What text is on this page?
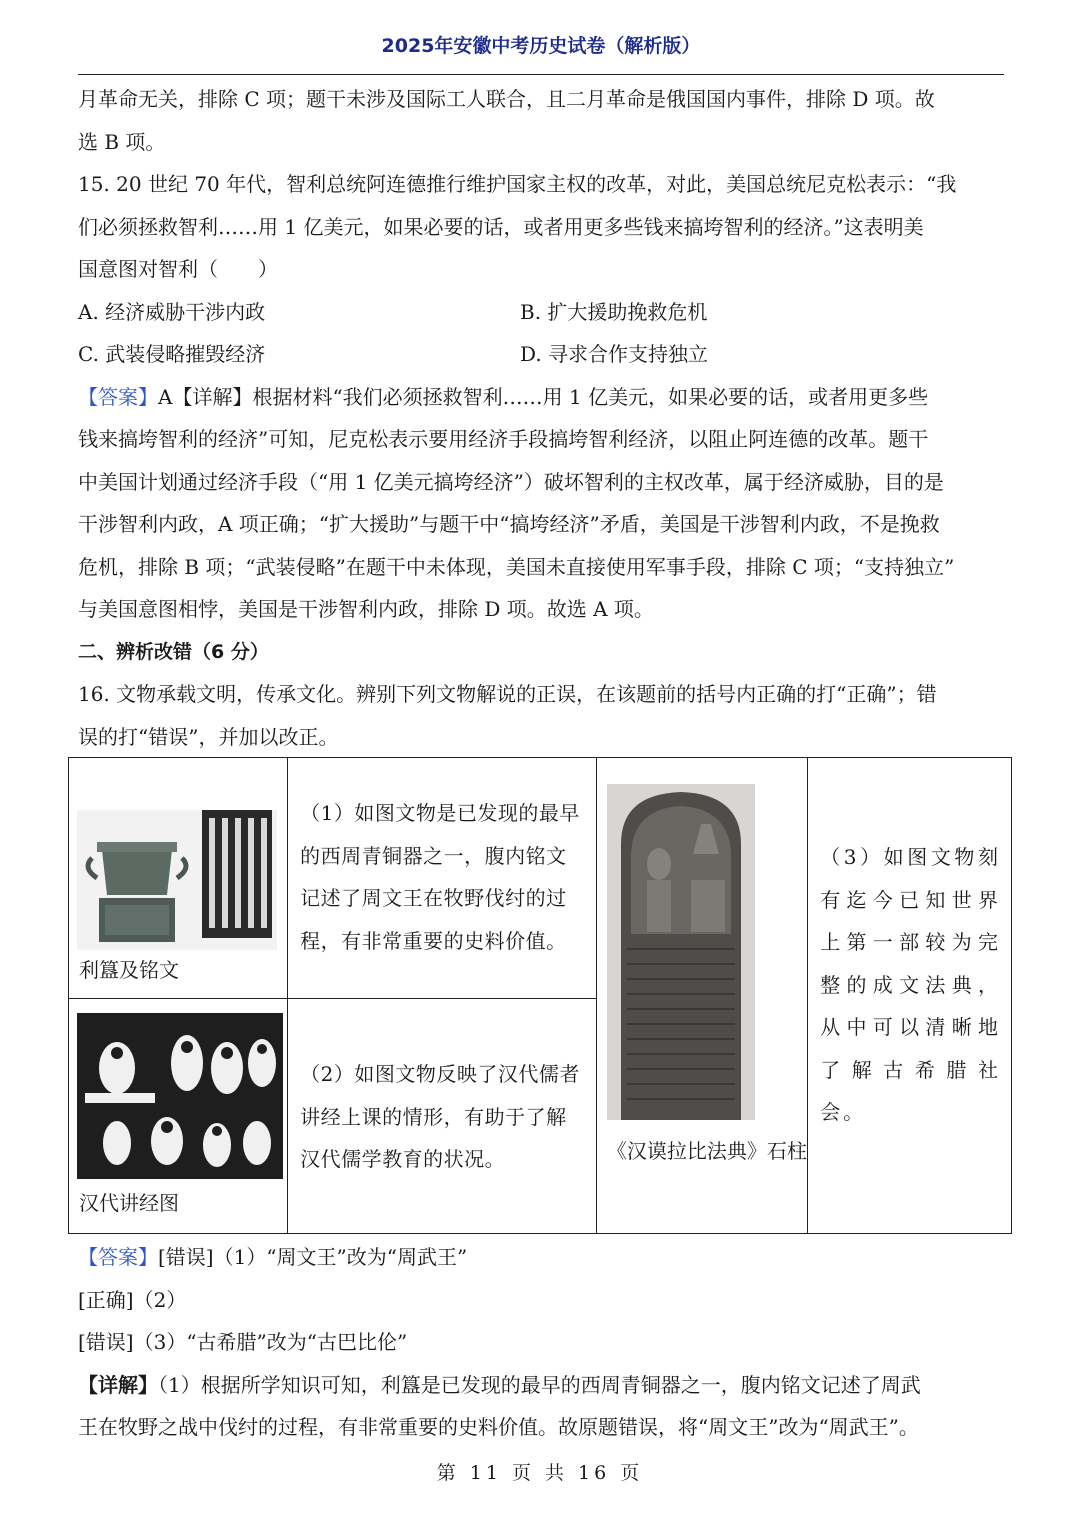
2025年安徽中考历史试卷（解析版）

月革命无关，排除 C 项；题干未涉及国际工人联合，且二月革命是俄国国内事件，排除 D 项。故

选 B 项。

15. 20 世纪 70 年代，智利总统阿连德推行维护国家主权的改革，对此，美国总统尼克松表示：“我

们必须拯救智利……用 1 亿美元，如果必要的话，或者用更多些钱来搞垮智利的经济。”这表明美

国意图对智利（　　）

A. 经济威胁干涉内政	B. 扩大援助挽救危机
C. 武装侵略摧毁经济	D. 寻求合作支持独立

【答案】A【详解】根据材料“我们必须拯救智利……用 1 亿美元，如果必要的话，或者用更多些

钱来搞垮智利的经济”可知，尼克松表示要用经济手段搞垮智利经济，以阻止阿连德的改革。题干

中美国计划通过经济手段（“用 1 亿美元搞垮经济”）破坏智利的主权改革，属于经济威胁，目的是

干涉智利内政，A 项正确；“扩大援助”与题干中“搞垮经济”矛盾，美国是干涉智利内政，不是挽救

危机，排除 B 项；“武装侵略”在题干中未体现，美国未直接使用军事手段，排除 C 项；“支持独立”

与美国意图相悖，美国是干涉智利内政，排除 D 项。故选 A 项。

二、辨析改错（6 分）

16. 文物承载文明，传承文化。辨别下列文物解说的正误，在该题前的括号内正确的打“正确”；错

误的打“错误”，并加以改正。

利簋及铭文	（1）如图文物是已发现的最早的西周青铜器之一，腹内铭文记述了周文王在牧野伐纣的过程，有非常重要的史料价值。	《汉谟拉比法典》石柱	（3）如图文物刻有迄今已知世界上第一部较为完整的成文法典，从中可以清晰地了解古希腊社会。

汉代讲经图	（2）如图文物反映了汉代儒者讲经上课的情形，有助于了解汉代儒学教育的状况。		

【答案】[错误]（1）“周文王”改为“周武王”

[正确]（2）

[错误]（3）“古希腊”改为“古巴比伦”

【详解】（1）根据所学知识可知，利簋是已发现的最早的西周青铜器之一，腹内铭文记述了周武

王在牧野之战中伐纣的过程，有非常重要的史料价值。故原题错误，将“周文王”改为“周武王”。

第 11 页 共 16 页
